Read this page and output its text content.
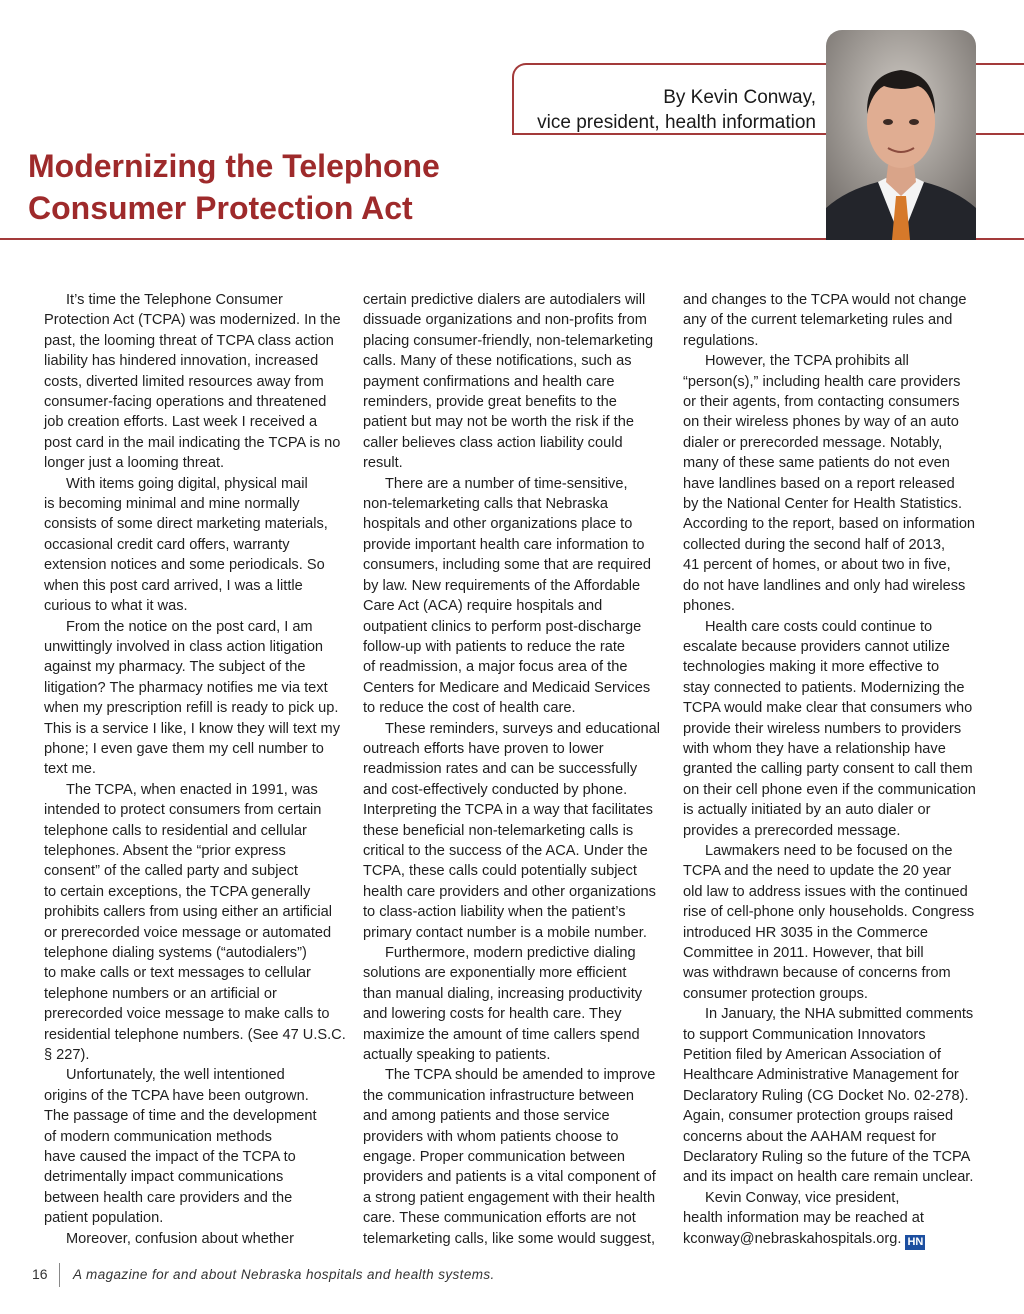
By Kevin Conway,
vice president, health information
Modernizing the Telephone
Consumer Protection Act

It’s time the Telephone Consumer

Protection Act (TCPA) was modernized. In the

past, the looming threat of TCPA class action

liability has hindered innovation, increased

costs, diverted limited resources away from

consumer-facing operations and threatened

job creation efforts. Last week I received a

post card in the mail indicating the TCPA is no

longer just a looming threat.

With items going digital, physical mail

is becoming minimal and mine normally

consists of some direct marketing materials,

occasional credit card offers, warranty

extension notices and some periodicals. So

when this post card arrived, I was a little

curious to what it was.

From the notice on the post card, I am

unwittingly involved in class action litigation

against my pharmacy. The subject of the

litigation? The pharmacy notifies me via text

when my prescription refill is ready to pick up.

This is a service I like, I know they will text my

phone; I even gave them my cell number to

text me.

The TCPA, when enacted in 1991, was

intended to protect consumers from certain

telephone calls to residential and cellular

telephones. Absent the “prior express

consent” of the called party and subject

to certain exceptions, the TCPA generally

prohibits callers from using either an artificial

or prerecorded voice message or automated

telephone dialing systems (“autodialers”)

to make calls or text messages to cellular

telephone numbers or an artificial or

prerecorded voice message to make calls to

residential telephone numbers. (See 47 U.S.C.

§ 227).

Unfortunately, the well intentioned

origins of the TCPA have been outgrown.

The passage of time and the development

of modern communication methods

have caused the impact of the TCPA to

detrimentally impact communications

between health care providers and the

patient population.

Moreover, confusion about whether

certain predictive dialers are autodialers will

dissuade organizations and non-profits from

placing consumer-friendly, non-telemarketing

calls. Many of these notifications, such as

payment confirmations and health care

reminders, provide great benefits to the

patient but may not be worth the risk if the

caller believes class action liability could

result.

There are a number of time-sensitive,

non-telemarketing calls that Nebraska

hospitals and other organizations place to

provide important health care information to

consumers, including some that are required

by law. New requirements of the Affordable

Care Act (ACA) require hospitals and

outpatient clinics to perform post-discharge

follow-up with patients to reduce the rate

of readmission, a major focus area of the

Centers for Medicare and Medicaid Services

to reduce the cost of health care.

These reminders, surveys and educational

outreach efforts have proven to lower

readmission rates and can be successfully

and cost-effectively conducted by phone.

Interpreting the TCPA in a way that facilitates

these beneficial non-telemarketing calls is

critical to the success of the ACA. Under the

TCPA, these calls could potentially subject

health care providers and other organizations

to class-action liability when the patient’s

primary contact number is a mobile number.

Furthermore, modern predictive dialing

solutions are exponentially more efficient

than manual dialing, increasing productivity

and lowering costs for health care. They

maximize the amount of time callers spend

actually speaking to patients.

The TCPA should be amended to improve

the communication infrastructure between

and among patients and those service

providers with whom patients choose to

engage. Proper communication between

providers and patients is a vital component of

a strong patient engagement with their health

care. These communication efforts are not

telemarketing calls, like some would suggest,

and changes to the TCPA would not change

any of the current telemarketing rules and

regulations.

However, the TCPA prohibits all

“person(s),” including health care providers

or their agents, from contacting consumers

on their wireless phones by way of an auto

dialer or prerecorded message. Notably,

many of these same patients do not even

have landlines based on a report released

by the National Center for Health Statistics.

According to the report, based on information

collected during the second half of 2013,

41 percent of homes, or about two in five,

do not have landlines and only had wireless

phones.

Health care costs could continue to

escalate because providers cannot utilize

technologies making it more effective to

stay connected to patients. Modernizing the

TCPA would make clear that consumers who

provide their wireless numbers to providers

with whom they have a relationship have

granted the calling party consent to call them

on their cell phone even if the communication

is actually initiated by an auto dialer or

provides a prerecorded message.

Lawmakers need to be focused on the

TCPA and the need to update the 20 year

old law to address issues with the continued

rise of cell-phone only households. Congress

introduced HR 3035 in the Commerce

Committee in 2011. However, that bill

was withdrawn because of concerns from

consumer protection groups.

In January, the NHA submitted comments

to support Communication Innovators

Petition filed by American Association of

Healthcare Administrative Management for

Declaratory Ruling (CG Docket No. 02-278).

Again, consumer protection groups raised

concerns about the AAHAM request for

Declaratory Ruling so the future of the TCPA

and its impact on health care remain unclear.

Kevin Conway, vice president,

health information may be reached at

kconway@nebraskahospitals.org. HN

16 A magazine for and about Nebraska hospitals and health systems.
